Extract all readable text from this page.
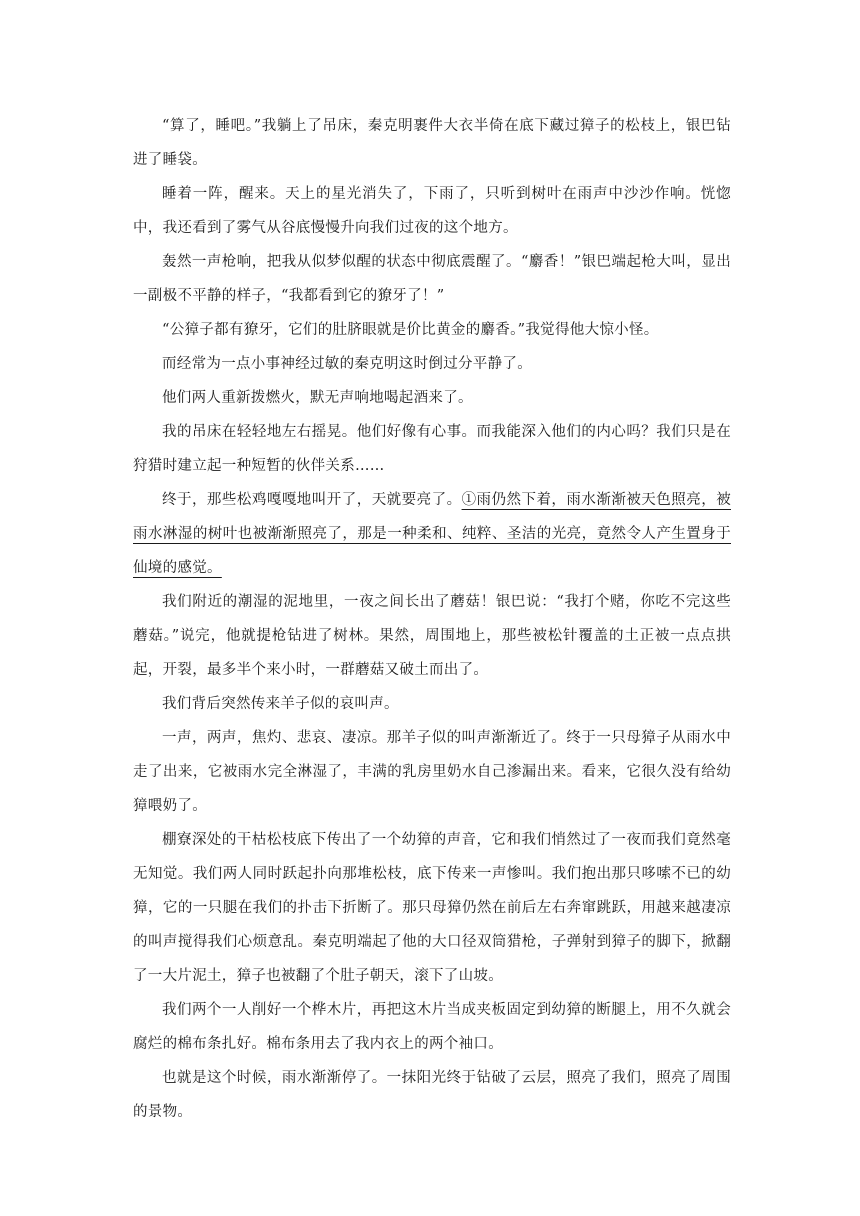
“算了，睡吧。”我躺上了吊床，秦克明裹件大衣半倚在底下藏过獐子的松枝上，银巴钻进了睡袋。

睡着一阵，醒来。天上的星光消失了，下雨了，只听到树叶在雨声中沙沙作响。恍惚中，我还看到了雾气从谷底慢慢升向我们过夜的这个地方。

轰然一声枪响，把我从似梦似醒的状态中彻底震醒了。“麝香！”银巴端起枪大叫，显出一副极不平静的样子，“我都看到它的獠牙了！”

“公獐子都有獠牙，它们的肚脐眼就是价比黄金的麝香。”我觉得他大惊小怪。

而经常为一点小事神经过敏的秦克明这时倒过分平静了。

他们两人重新拨燃火，默无声响地喝起酒来了。

我的吊床在轻轻地左右摇晃。他们好像有心事。而我能深入他们的内心吗？我们只是在狩猎时建立起一种短暂的伙伴关系……

终于，那些松鸡嘎嘎地叫开了，天就要亮了。①雨仍然下着，雨水渐渐被天色照亮，被雨水淋湿的树叶也被渐渐照亮了，那是一种柔和、纯粹、圣洁的光亮，竟然令人产生置身于仙境的感觉。

我们附近的潮湿的泥地里，一夜之间长出了蘑菇！银巴说：“我打个赌，你吃不完这些蘑菇。”说完，他就提枪钻进了树林。果然，周围地上，那些被松针覆盖的土正被一点点拱起，开裂，最多半个来小时，一群蘑菇又破土而出了。

我们背后突然传来羊子似的哀叫声。

一声，两声，焦灼、悲哀、凄凉。那羊子似的叫声渐渐近了。终于一只母獐子从雨水中走了出来，它被雨水完全淋湿了，丰满的乳房里奶水自己渗漏出来。看来，它很久没有给幼獐喂奶了。

棚寮深处的干枯松枝底下传出了一个幼獐的声音，它和我们悄然过了一夜而我们竟然毫无知觉。我们两人同时跃起扑向那堆松枝，底下传来一声惨叫。我们抱出那只哆嗦不已的幼獐，它的一只腿在我们的扑击下折断了。那只母獐仍然在前后左右奔窜跳跃，用越来越凄凉的叫声搅得我们心烦意乱。秦克明端起了他的大口径双筒猎枪，子弹射到獐子的脚下，掀翻了一大片泥土，獐子也被翻了个肚子朝天，滚下了山坡。

我们两个一人削好一个桦木片，再把这木片当成夹板固定到幼獐的断腿上，用不久就会腐烂的棉布条扎好。棉布条用去了我内衣上的两个袖口。

也就是这个时候，雨水渐渐停了。一抹阳光终于钻破了云层，照亮了我们，照亮了周围的景物。
